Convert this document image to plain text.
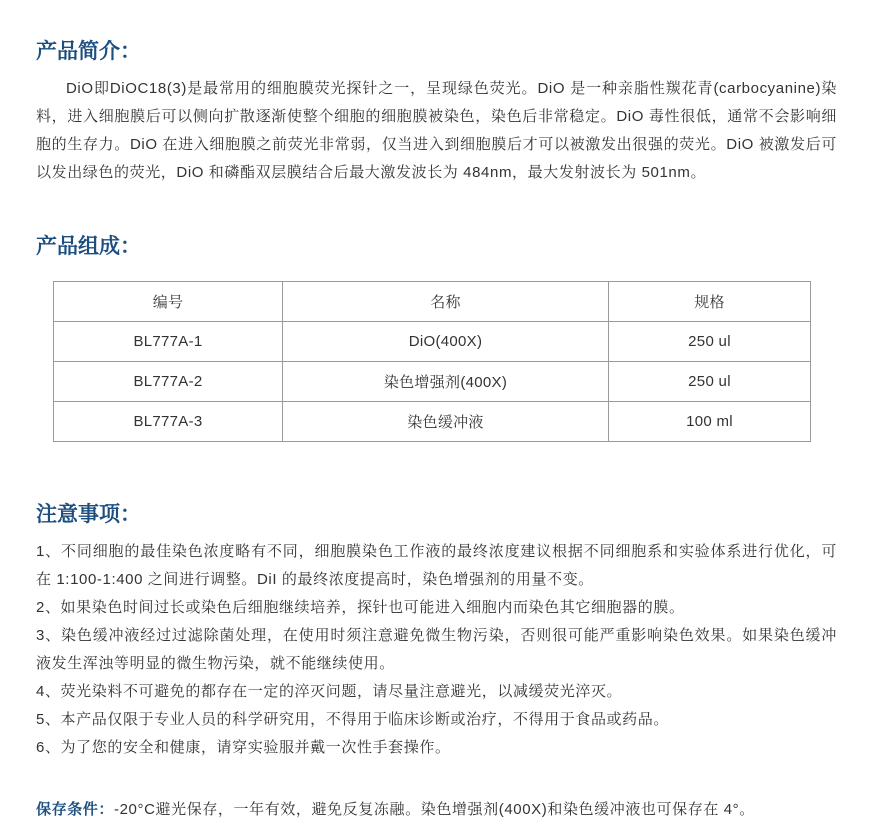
产品简介：

DiO即DiOC18(3)是最常用的细胞膜荧光探针之一，呈现绿色荧光。DiO 是一种亲脂性羰花青(carbocyanine)染料，进入细胞膜后可以侧向扩散逐渐使整个细胞的细胞膜被染色，染色后非常稳定。DiO 毒性很低，通常不会影响细胞的生存力。DiO 在进入细胞膜之前荧光非常弱，仅当进入到细胞膜后才可以被激发出很强的荧光。DiO 被激发后可以发出绿色的荧光，DiO 和磷酯双层膜结合后最大激发波长为 484nm，最大发射波长为 501nm。

产品组成：
编号	名称	规格
BL777A-1	DiO(400X)	250 ul
BL777A-2	染色增强剂(400X)	250 ul
BL777A-3	染色缓冲液	100 ml
注意事项：

1、不同细胞的最佳染色浓度略有不同，细胞膜染色工作液的最终浓度建议根据不同细胞系和实验体系进行优化，可在 1:100-1:400 之间进行调整。DiI 的最终浓度提高时，染色增强剂的用量不变。

2、如果染色时间过长或染色后细胞继续培养，探针也可能进入细胞内而染色其它细胞器的膜。

3、染色缓冲液经过过滤除菌处理，在使用时须注意避免微生物污染，否则很可能严重影响染色效果。如果染色缓冲液发生浑浊等明显的微生物污染，就不能继续使用。

4、荧光染料不可避免的都存在一定的淬灭问题，请尽量注意避光，以减缓荧光淬灭。

5、本产品仅限于专业人员的科学研究用，不得用于临床诊断或治疗，不得用于食品或药品。

6、为了您的安全和健康，请穿实验服并戴一次性手套操作。

保存条件：-20°C避光保存，一年有效，避免反复冻融。染色增强剂(400X)和染色缓冲液也可保存在 4°。
